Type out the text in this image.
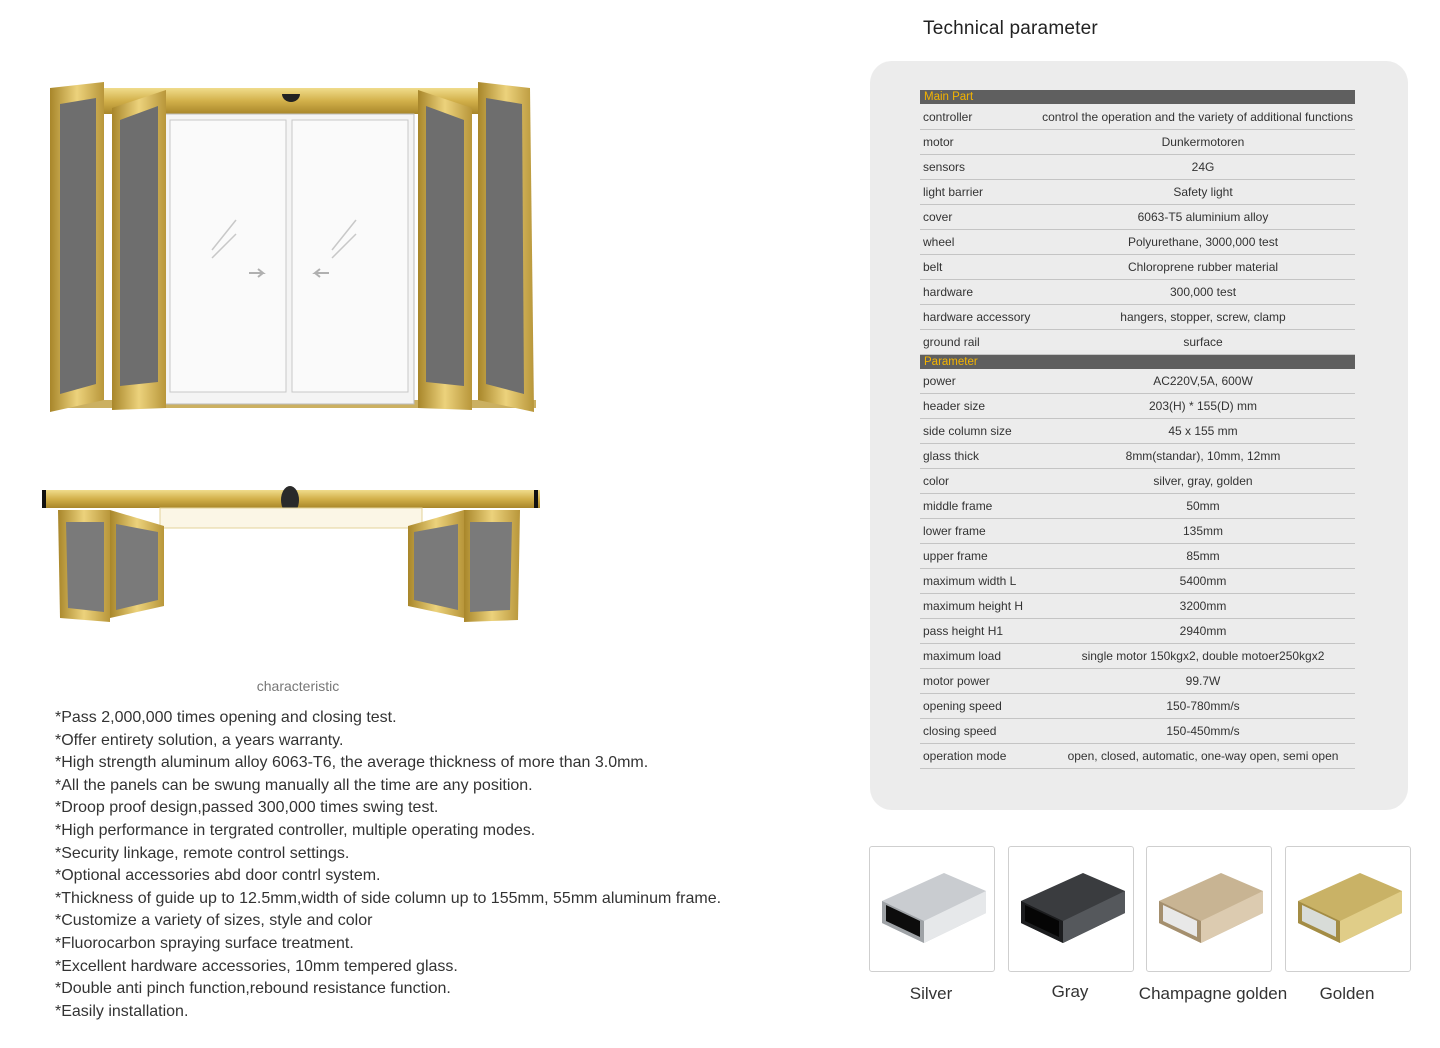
Technical parameter
Main Part
controller	control the operation and the variety of additional functions
motor	Dunkermotoren
sensors	24G
light barrier	Safety light
cover	6063-T5 aluminium alloy
wheel	Polyurethane, 3000,000 test
belt	Chloroprene rubber material
hardware	300,000 test
hardware accessory	hangers, stopper, screw, clamp
ground rail	surface
Parameter
power	AC220V,5A, 600W
header size	203(H) * 155(D) mm
side column size	45 x 155 mm
glass thick	8mm(standar), 10mm, 12mm
color	silver, gray, golden
middle frame	50mm
lower frame	135mm
upper frame	85mm
maximum width L	5400mm
maximum height H	3200mm
pass height H1	2940mm
maximum load	single motor 150kgx2, double motoer250kgx2
motor power	99.7W
opening speed	150-780mm/s
closing speed	150-450mm/s
operation mode	open, closed, automatic, one-way open, semi open
characteristic
*Pass 2,000,000 times opening and closing test.
*Offer entirety solution, a years warranty.
*High strength aluminum alloy 6063-T6, the average thickness of more than 3.0mm.
*All the panels can be swung manually all the time are any position.
*Droop proof design,passed 300,000 times swing test.
*High performance in tergrated controller, multiple operating modes.
*Security linkage, remote control settings.
*Optional accessories abd door contrl system.
*Thickness of guide up to 12.5mm,width of side column up to 155mm, 55mm aluminum frame.
*Customize a variety of sizes, style and color
*Fluorocarbon spraying surface treatment.
*Excellent hardware accessories, 10mm tempered glass.
*Double anti pinch function,rebound resistance function.
*Easily installation.
Silver	Gray	Champagne golden	Golden
